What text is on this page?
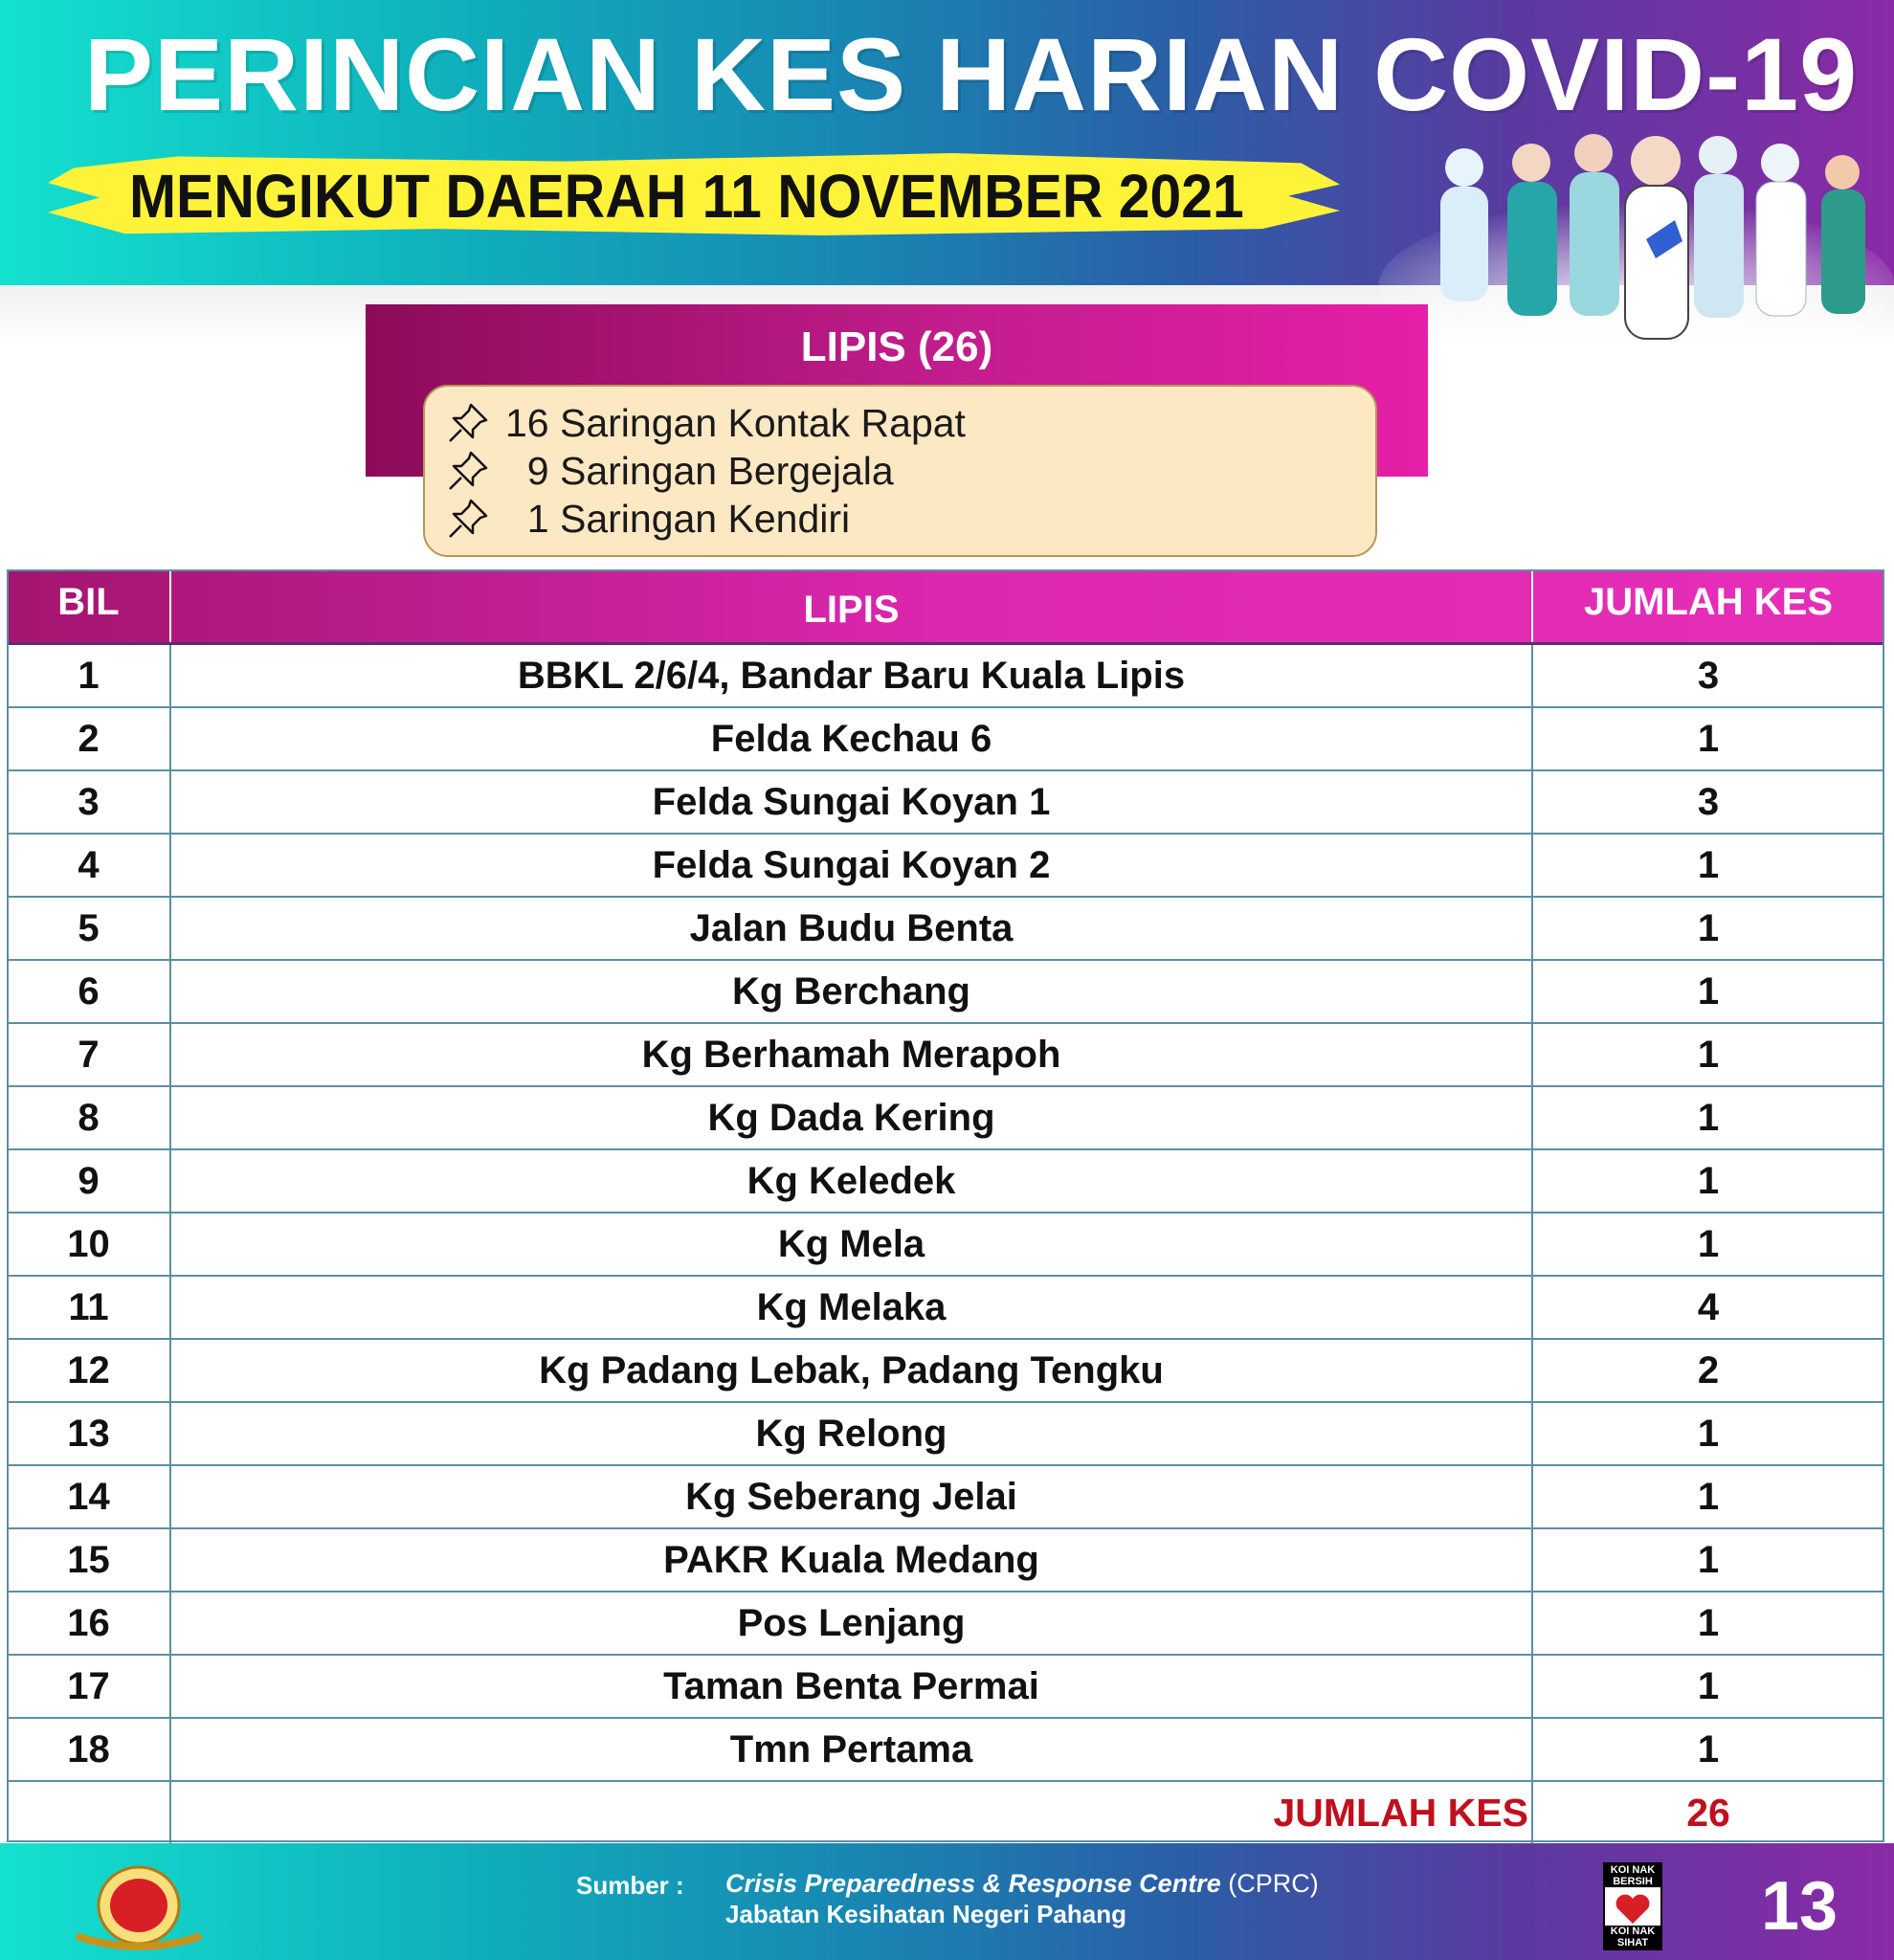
PERINCIAN KES HARIAN COVID-19
MENGIKUT DAERAH 11 NOVEMBER 2021
LIPIS (26)
16 Saringan Kontak Rapat
9 Saringan Bergejala
1 Saringan Kendiri
BIL	LIPIS	JUMLAH KES
1	BBKL 2/6/4, Bandar Baru Kuala Lipis	3
2	Felda Kechau 6	1
3	Felda Sungai Koyan 1	3
4	Felda Sungai Koyan 2	1
5	Jalan Budu Benta	1
6	Kg Berchang	1
7	Kg Berhamah Merapoh	1
8	Kg Dada Kering	1
9	Kg Keledek	1
10	Kg Mela	1
11	Kg Melaka	4
12	Kg Padang Lebak, Padang Tengku	2
13	Kg Relong	1
14	Kg Seberang Jelai	1
15	PAKR Kuala Medang	1
16	Pos Lenjang	1
17	Taman Benta Permai	1
18	Tmn Pertama	1
JUMLAH KES	26
Sumber : Crisis Preparedness & Response Centre (CPRC)
Jabatan Kesihatan Negeri Pahang
KOI NAK BERSIH
KOI NAK SIHAT 13
